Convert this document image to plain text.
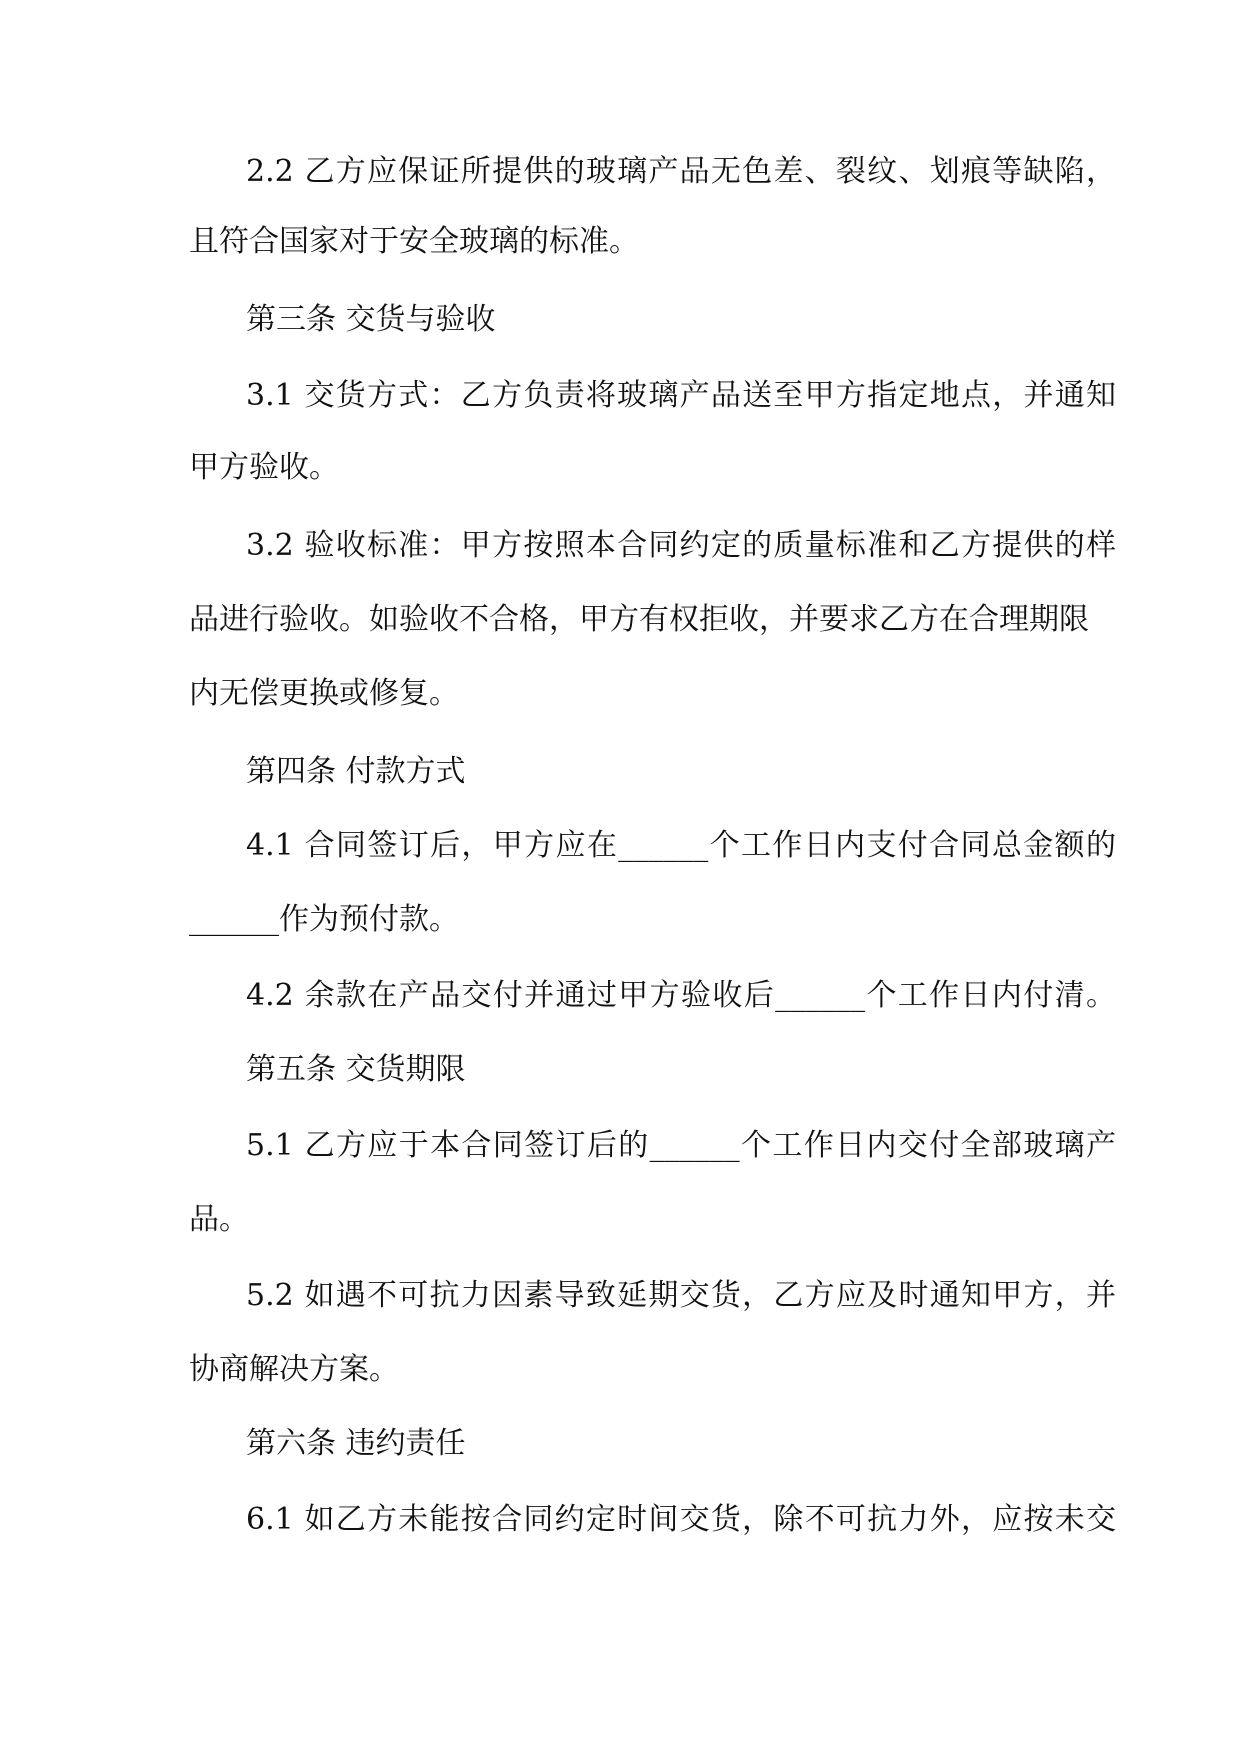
2.2 乙方应保证所提供的玻璃产品无色差、裂纹、划痕等缺陷，
且符合国家对于安全玻璃的标准。
第三条 交货与验收
3.1 交货方式：乙方负责将玻璃产品送至甲方指定地点，并通知
甲方验收。
3.2 验收标准：甲方按照本合同约定的质量标准和乙方提供的样
品进行验收。如验收不合格，甲方有权拒收，并要求乙方在合理期限
内无偿更换或修复。
第四条 付款方式
4.1 合同签订后，甲方应在______个工作日内支付合同总金额的
______作为预付款。
4.2 余款在产品交付并通过甲方验收后______个工作日内付清。
第五条 交货期限
5.1 乙方应于本合同签订后的______个工作日内交付全部玻璃产
品。
5.2 如遇不可抗力因素导致延期交货，乙方应及时通知甲方，并
协商解决方案。
第六条 违约责任
6.1 如乙方未能按合同约定时间交货，除不可抗力外，应按未交
